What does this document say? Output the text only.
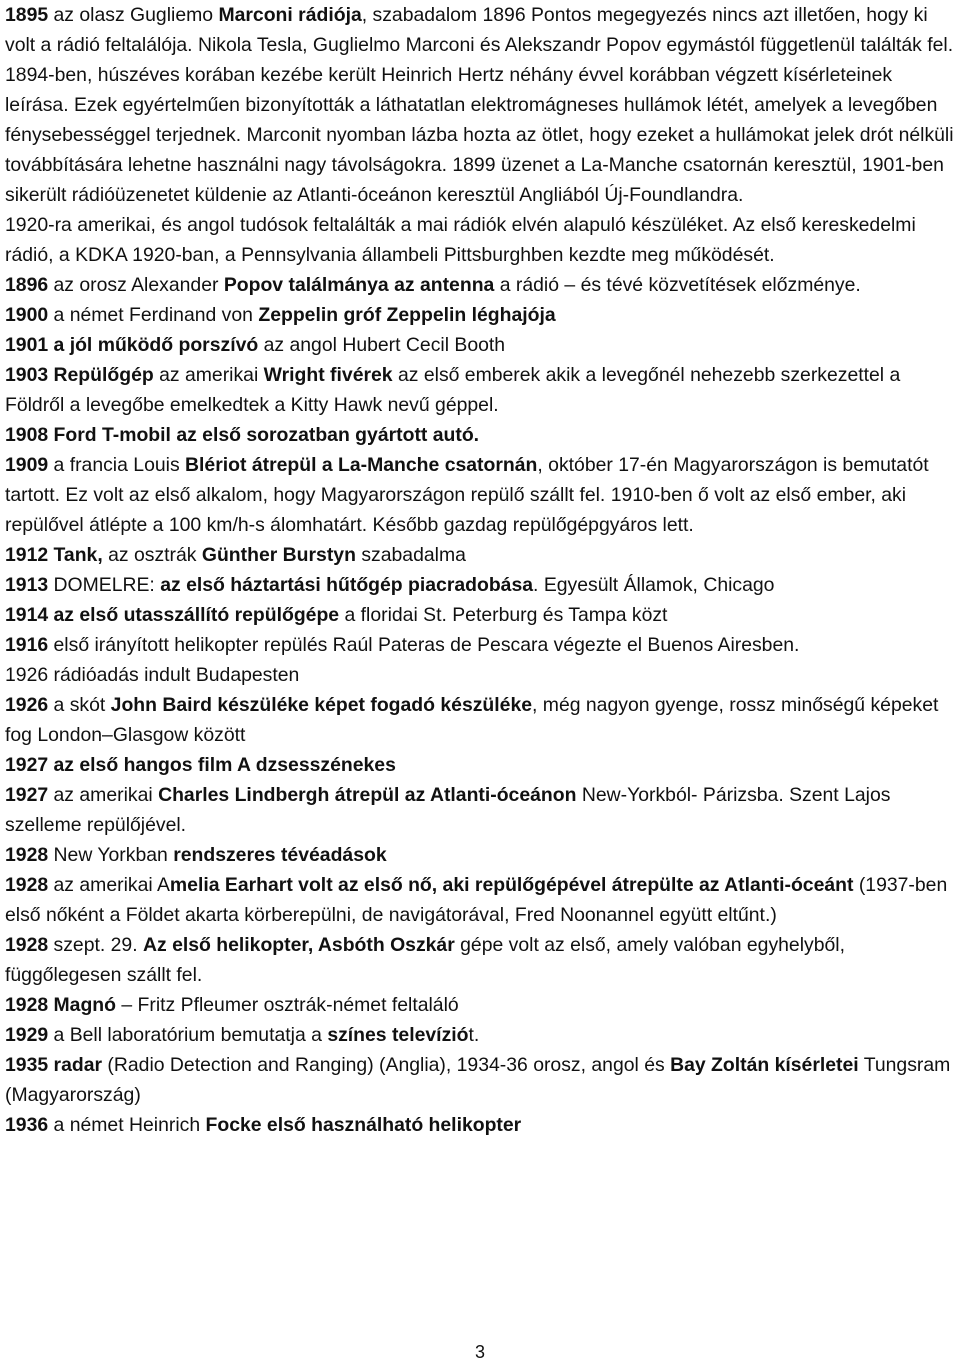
1895 az olasz Gugliemo Marconi rádiója, szabadalom 1896 Pontos megegyezés nincs azt illetően, hogy ki volt a rádió feltalálója. Nikola Tesla, Guglielmo Marconi és Alekszandr Popov egymástól függetlenül találták fel. 1894-ben, húszéves korában kezébe került Heinrich Hertz néhány évvel korábban végzett kísérleteinek leírása. Ezek egyértelműen bizonyították a láthatatlan elektromágneses hullámok létét, amelyek a levegőben fénysebességgel terjednek. Marconit nyomban lázba hozta az ötlet, hogy ezeket a hullámokat jelek drót nélküli továbbítására lehetne használni nagy távolságokra. 1899 üzenet a La-Manche csatornán keresztül, 1901-ben sikerült rádióüzenetet küldenie az Atlanti-óceánon keresztül Angliából Új-Foundlandra.

1920-ra amerikai, és angol tudósok feltalálták a mai rádiók elvén alapuló készüléket. Az első kereskedelmi rádió, a KDKA 1920-ban, a Pennsylvania állambeli Pittsburghben kezdte meg működését.

1896 az orosz Alexander Popov találmánya az antenna a rádió – és tévé közvetítések előzménye.

1900 a német Ferdinand von Zeppelin gróf Zeppelin léghajója

1901 a jól működő porszívó az angol Hubert Cecil Booth

1903 Repülőgép az amerikai Wright fivérek az első emberek akik a levegőnél nehezebb szerkezettel a Földről a levegőbe emelkedtek a Kitty Hawk nevű géppel.

1908 Ford T-mobil az első sorozatban gyártott autó.

1909 a francia Louis Blériot átrepül a La-Manche csatornán, október 17-én Magyarországon is bemutatót tartott. Ez volt az első alkalom, hogy Magyarországon repülő szállt fel. 1910-ben ő volt az első ember, aki repülővel átlépte a 100 km/h-s álomhatárt. Később gazdag repülőgépgyáros lett.

1912 Tank, az osztrák Günther Burstyn szabadalma

1913 DOMELRE: az első háztartási hűtőgép piacradobása. Egyesült Államok, Chicago

1914 az első utasszállító repülőgépe a floridai St. Peterburg és Tampa közt

1916 első irányított helikopter repülés Raúl Pateras de Pescara végezte el Buenos Airesben.

1926 rádióadás indult Budapesten

1926 a skót John Baird készüléke képet fogadó készüléke, még nagyon gyenge, rossz minőségű képeket fog London–Glasgow között

1927 az első hangos film A dzsesszénekes

1927 az amerikai Charles Lindbergh átrepül az Atlanti-óceánon New-Yorkból- Párizsba. Szent Lajos szelleme repülőjével.

1928 New Yorkban rendszeres tévéadások

1928 az amerikai Amelia Earhart volt az első nő, aki repülőgépével átrepülte az Atlanti-óceánt (1937-ben első nőként a Földet akarta körberepülni, de navigátorával, Fred Noonannel együtt eltűnt.)

1928 szept. 29. Az első helikopter, Asbóth Oszkár gépe volt az első, amely valóban egyhelyből, függőlegesen szállt fel.

1928 Magnó – Fritz Pfleumer osztrák-német feltaláló

1929 a Bell laboratórium bemutatja a színes televíziót.

1935 radar (Radio Detection and Ranging) (Anglia), 1934-36 orosz, angol és Bay Zoltán kísérletei Tungsram (Magyarország)

1936 a német Heinrich Focke első használható helikopter

3
